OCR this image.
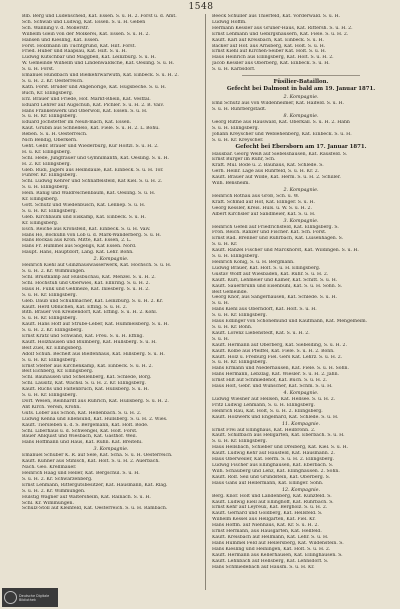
1548
Blb. Berg und Lüdenscheid, Kat. Essen. S. u. H. 2. Forst u. d. Amt.
Sch. Schwab und Ludwig, Kat. Essen. S. u. H. Geben
Sch. Wanning v. d. Möllerstr.
Wilhelm Glein von der Molkerei, Kat. Essen. S. u. H. 2.
Hansen und Kiesling, Kat. Essen.
Forst. Holzmann im Tüchtgrund, Kat. Hilt. Forst.
Fried. Huber und Raapsau, Kat. Hilt. S. u. H.
Ludwig Kutschbar und Maggbell, Kat. Leinzburg. S. u. H.
W. Gemeinde Wilhelm und Lindenwaldsche, Kat. Oesling. S. u. H.
S. u. H. Forst.
Emanuel Hundbach und Bielkehrwarwuth, Kat. Einbeck. S. u. H. 2.
S. u. H. 2. Kr. Oesterreich.
Kath. Forst. Brüder und Angehörige, Kat. Hugsbeche. S. u. H.
Buch, Kr. Ellingsberg.
Erz. Brauer und Friede, Hof. Markt-Rhein, Kat. Vestfal.
Eduard Lehrer auf Augschuh, Kat. Pichler. S. u. H. 2. B. Vaiv.
Hans Frankenwerk und Oberwoll, Kat. Essen. S. u. H.
S. u. H. Kr. Ellingsberg.
Eduard Jochstetter im Neuß-mach, Kat. Essen.
Kaut. Grubin aus Schnellelo, Kat. Fiele. S. u. H. 2. L. Bohu.
Reben. S. u. H. Oesterreich.
Nich Bendig, Oberkern.
Geht. Gebr. Brauer und Wiederburg, Kur Holtzl. S. u. H. 2.
H. u. Kr. Ellingsberg.
Schl. Hede, Jungfrauer und Gymnimanth, Kat. Oesling. S. u. H.
H. 2. Kr. Ellingsberg.
Gleb. Rudi, Jägers aus Heimdaule, Kat. Einbeck. S. u. H. Tor.
Führer. Kr. Ellingsberg.
Schl. Ludwig Kehrer und Schnäffelsfeld, Kat Kiel. S. u. H. 2.
S. u. H. Ellingsberg.
Hein. Ranig und Waldreichenbaum, Kat. Oesling. S. u. H.
Kr. Ellingsberg.
Gott. Schutz und Wiedenbusch, Kat. Lennep. S. u. H.
S. u. H. Kr. Ellingsberg.
Gleb. Kirchbaum und Eiskamp, Kat. Einbeck. S. u. H.
Kr. Ellingsberg.
Esch. Reiche aus Kronsfeld, Kat. Einbeck. S. u. H. Vaiv.
Hans Hö, Bockuhn von Lob u. d. Mark-Wanderberg. S. u. H.
Hans Bockau aus Kron. Mitte, Kat. Essen, 2. L.
Hans Fr. Hummel aus Sogeligs, Kat Essen. Nord.
Haupt. Hans, Hauptdorf, Lang. Kat. Lehr. Bohn.
2. Kompagnie.
Heinrich Kiehl auf Glinzhauswasserwerk, Kat. Hochsch. S. u. H.
S. u. H. 2. Kr. Wimmungen.
Schl. Brustkamp auf Hulsbüchau, Kat. Menzel. S. u. H. 2.
Schl. Hochstuh und Oberwies, Kat. Ellnring. S. u. H. 2.
Haus H. Funk und Gehmeze, Kat. Inlesberg. S. u. H. 2.
S. u. H. Kr. Ellingsberg.
Gleb. Daub und Schuhmacher, Kat. Leinzburg. S. u. H. 2. Kr.
Kauft. Herd Obnichen, Kat. Effing. S. u. H. 2.
Bith. Brauer von Kreidendorf, Kat. Effing. S. u. H. 2. Kohl.
S. u. H. Kr. Ellingsberg.
Kauft. Hans Hoff auf Strube-Leber, Kat. Hummelsberg. S. u. H.
S. u. H. 2. Kr. Ellingsberg.
Ernst Kratz und Schwand, Kat. Freu. S. u. H. Effing.
Kauft. Holzhausen und Blumberg, Kat. Hullsberg. S. u. H.
Beit Zuel, Kr. Ellingsberg.
Adolf Schuh. Bechelt aus Bielfenhaus, Kat. Hillsberg. S. u. H.
S. u. H. Kr. Ellingsberg.
Ernst Stelter aus Kirchenkamp, Kat. Einbeck. S. u. H. 2.
Beit Eichberg, Kr. Ellingsberg.
Schl. Bauhausen und Schellenberg, Kat. Schlede, Borg.
Schl. Lausitz, Kat. Wachsl. S. u. H. 2. Kr. Ellingsberg.
Kauft. Ruchs und Faltenbruch, Kat. Hullsberg. S. u. H.
S. u. H. Kr. Ellingsberg.
Dorf. Wesen, Reinhardt aus Ruhrich, Kat. Hullsberg. S. u. H. 2.
Ant Kirch. Verein, Krohn.
Guts. Lober aus Schön, Kat. Hellenbach. S. u. H. 2.
Ludwig Kenna und Ellensund, Kat. Hullsberg. S. u. H. 2. Wies.
Kauft. Tiersleben u. d. S. Bergemann, Kat. Holt. Bode.
Schl. Liberhaus u. d. Schwengel, Kat. Holt. Forst.
Bauer Ahlquist und Wiesbach, Kat. Gasthof. Weil.
Hans Hoffmann und Haus, Kat. Ruhn. Kat. Breitehi.
3. Kompagnie.
Emanuel Schuber K. R. auf Sele, Kat. Schä. S. u. H. Oesterreich.
Kauft. Kuhner aus Stihlsch, Kat. Holt. S. u. H. 2. Auerbach.
Nach. Geo. Krellmauer.
Heinrich Haag und Heller, Kat. Bergschul. S. u. H.
S. u. H. 2. Kr. Schwarzenberg.
Ernst Lehmann, Rittergutsbesitzer, Kat. Hausmann, Kat. Rlag.
S. u. H. 2. Kr. Wimmungen.
Hulstig Wagner auf Waltersheim, Kat. Rainach. S. u. H.
Schl. Kr. Wimmungen.
Schulz-Stoll auf Kleinfeld, Kat. Oesterreich. S. u. H. Rambach.
Beeck Schüller aus Thierfeld, Kat. Vorderwald. S. u. H.
Ludwig Hoffm.
Hermann Kessler aus Grüner-Haus, Kat. Rittersh. S. u. H. 2.
Ernst Lehmann und Gebirgshäusern, Kat. Fiele. S. u. H. 2.
Kauft. Karl auf Kreisbach, Kat. Einbeck. S. u. H.
Bäcker auf Hof. aus Arnsberg, Kat. Holt. S. u. H.
Ernst Kiehl auf Kirchen-Seiber Kat. Holt. S. u. H.
Haus Heinrich aus Ellingsberg, Kat. Holt. S. u. H. 2.
Jacob Kessler aus Oberberg, Kat. Einbeck. S. u. H.
S. u. H. Karbsdorf.
Füsilier-Bataillon.
Gefecht bei Dalmont in bald am 19. Januar 1871.
2. Kompagnie.
Emil Schütz aus von Wildenheimer, Kat. Haifeld. S. u. H.
S. u. H. Ruhrbergstadt.
8. Kompagnie.
Georg Ruthe aus Hauswald, Kat. Oberkall. S. u. H. 2. Hahn
S. u. H. Ellingsberg.
Johann Kreyscher und Weblehenberg, Kat. Einbeck. S. u. H.
S. u. H. Kr. Kreyscher.
Gefecht bei Ebersborn am 17. Januar 1871.
Hausbar. Georg Weiß auf Siebelshausen, Kat. Rausfeld. S.
Ernst Burger im Ruhr, Sch.
Kraft. Mül. Bode u. 2. Bauhaus, Kat. Schlede. S.
Gerh. Heinr. Lage aus Ruhrfeld, S. u. H. Kr. 2.
Kauft. Brauer auf Wilde, Kat. Herm. S. u. H. 2. Schiller.
Wilh. Bensheim.
2. Kompagnie.
Heinrich Rothau aus Groß, Sch. u. W.
Kraft. Schmid auf Hof, Kat. Ellinger. S. u. H.
Georg Kessler, Kreis. Hüls. u. W. S. u. H. 2.
Albert Kirchsler auf Sandmeier, Kat. S. u. H.
3. Kompagnie.
Heinrich Gefell auf Friedrichsfeld, Kat. Ellingsberg. S.
Fröh. Reich. Ranzer und Fischer. Kat. Sch. Forst.
Ernst Rad. Brenner und Ruhrbach, Kat. Luisenhagen. S.
S. u. H. Kr.
Kauft. Ranzel Fischer und Marckhorst, Kat. Wildingen. S. u. H.
S. u. H. Ellingsberg.
Heinrich König, S. u. H. Bergmann.
Ludwig Brauer, Kat. Holt. S. u. H. Ellingsberg.
Gustav Wolff auf Wiesbaden, Kat. Ruhr. S. u. H. 2.
Kauft. Kurl, Lehmeier und Kamer, Kat. Schitt. S. u. H.
Kauft. Sauerbrunn und Eisenbühl, Kat. S. u. H. Sohn. S.
Beit Gemeinde.
Georg Knor, aus Sangerhausen, Kat. Schlede. S. u. H.
S. u. H.
Hans Kiehl aus Oberndorf, Kat. Holt. S. u. H.
S. u. H. Kr. Ellingsberg.
Haus Edlinger von Schönemund und Kaufmann, Kat. Mengelheim.
S. u. H. Kr. Bonn.
Kauft. Lorenz Liebenstedt, Kat. S. u. H. 2.
S. u. H.
Kauft. Hermann auf Oberberg, Kat. Siebelding, S. u. H. 2.
Kauft. Kolbe aus Pfeiffel, Kat. Fiele. S. u. H. 2. Bonn.
Kauft. Holz u. Freiburg Fiel. Gers Kat. Lehrz. S. u. H. 2.
S. u. H. Kr. Ellingsberg.
Hans Ermann und Niederhausen, Kat. Fiele. S. u. H. Sohn.
Hans Hermann, Lebzlag, Kat. Wiesler. S. u. H. 2. Jahn.
Ernst Hilt auf Schmiedehof, Kat. Büch. S. u. H. 2.
Haus Holt, Gebr. und Wünscher, Kat. Schm. S. u. H.
4. Kompagnie.
Ludwig Wiesner auf Hellsen, Kat. Hellsee. S. u. H. 2.
Fritz Ludwig Lehmann, S. u. H. Ellingsberg.
Heinrich Rau, Kat. Holt, S. u. H. 2. Ellingsberg.
Kauft. Holzwerk und Engelhard, Kat. Schlede. S. u. H.
11. Kompagnie.
Ernst Frei auf Ellinghaus, Kat. Heilbronn. 2.
Kauft. Schilfbach aus Hellgarten, Kat. Eberbach. S. u. H.
S. u. H. Kr. Ellingsberg.
Haus Hellsbach, Schieber und Dreiberg, Kat. Kiel. S. u. H.
Kauft. Ludwig Kehr auf Hausfeld, Kat. Hausmann. 2.
Haus Oberweiler, Kat. Herm. S. u. H. 2. Ellingsberg.
Ludwig Fischer aus Ellinghausen, Kat. Eberbach. S.
Wilh. Schauberg und Lenz, Kat. Ellinghausen. 2. Sohn.
Kauft. Rolf. Seil und Grundstein, Kat. Oberberg. S.
Haus Gans auf Hellermann, Kat. Ellinger. Sohn.
12. Kompagnie.
Berg. Knor. Holt und Landenberg, Kat. Kunzfeld. S.
Kauft. Ludwig Eiell auf Ellinghoff, Kat. Ruhrbach. S.
Ernst Kehr auf Leyreux, Kat. Bergholz. S. u. H. 2.
Kauft. Gerhard und Goldberg, Kat. Hellsfeld. S.
Wilhelm Kessel aus Hellgarten, Kat. Fiel. Kr.
Hans Hoffm. auf Nienhaus, Kat. Kr. S. u. H. 2.
Ernst Hermann, aus Hausgarten, Kat. Hellfeld.
Kauft. Kreisbach auf Hellmann, Kat. Lehr. S. u. H.
Hans Hummel Feld auf Hellersberg, Kat. Wildenstein. S.
Hans Kiesling und Heiningen, Kat. Holt. S. u. H. 2.
Kauft. Hermann aus Kellerhausen, Kat. Ellinghausen. S.
Kauft. Lehnbach auf Hellsberg, Kat. Lehnsdorf. S.
Hans Schmiedebach auf Hausm. S. u. H. Kr.
Deutsche Digitale
Bibliothek
